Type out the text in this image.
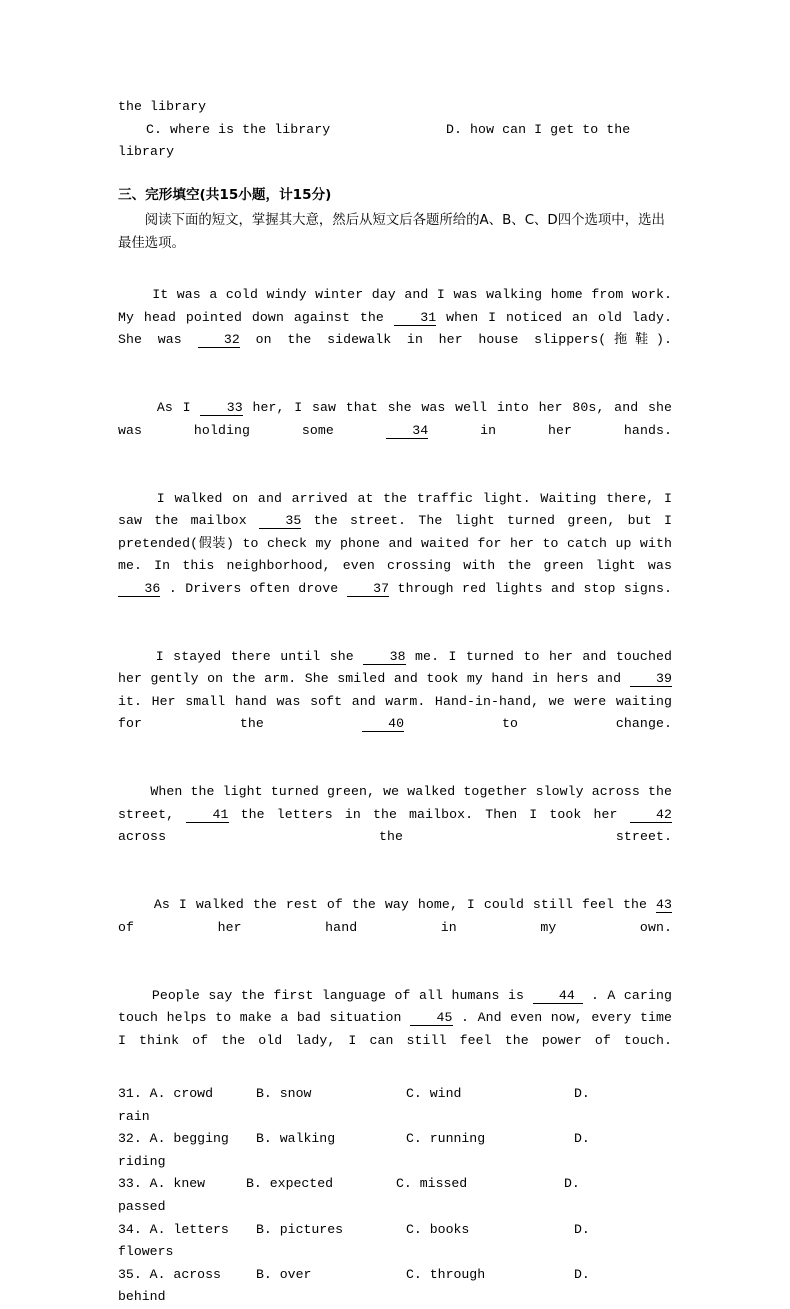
the library
C. where is the library	D. how can I get to the
library
三、完形填空(共15小题，计15分)
阅读下面的短文，掌握其大意，然后从短文后各题所给的A、B、C、D四个选项中，选出最佳选项。

It was a cold windy winter day and I was walking home from work. My head pointed down against the 31 when I noticed an old lady. She was 32 on the sidewalk in her house slippers(拖鞋).

As I 33 her, I saw that she was well into her 80s, and she was holding some 34 in her hands.

I walked on and arrived at the traffic light. Waiting there, I saw the mailbox 35 the street. The light turned green, but I pretended(假装) to check my phone and waited for her to catch up with me. In this neighborhood, even crossing with the green light was 36 . Drivers often drove 37 through red lights and stop signs.

I stayed there until she 38 me. I turned to her and touched her gently on the arm. She smiled and took my hand in hers and 39 it. Her small hand was soft and warm. Hand-in-hand, we were waiting for the 40 to change.

When the light turned green, we walked together slowly across the street, 41 the letters in the mailbox. Then I took her 42 across the street.

As I walked the rest of the way home, I could still feel the 43 of her hand in my own.

People say the first language of all humans is 44 . A caring touch helps to make a bad situation 45 . And even now, every time I think of the old lady, I can still feel the power of touch.

31. A. crowd	B. snow	C. wind	D.
rain
32. A. begging	B. walking	C. running	D.
riding
33. A. knew	B. expected	C. missed	D.
passed
34. A. letters	B. pictures	C. books	D.
flowers
35. A. across	B. over	C. through	D.
behind
